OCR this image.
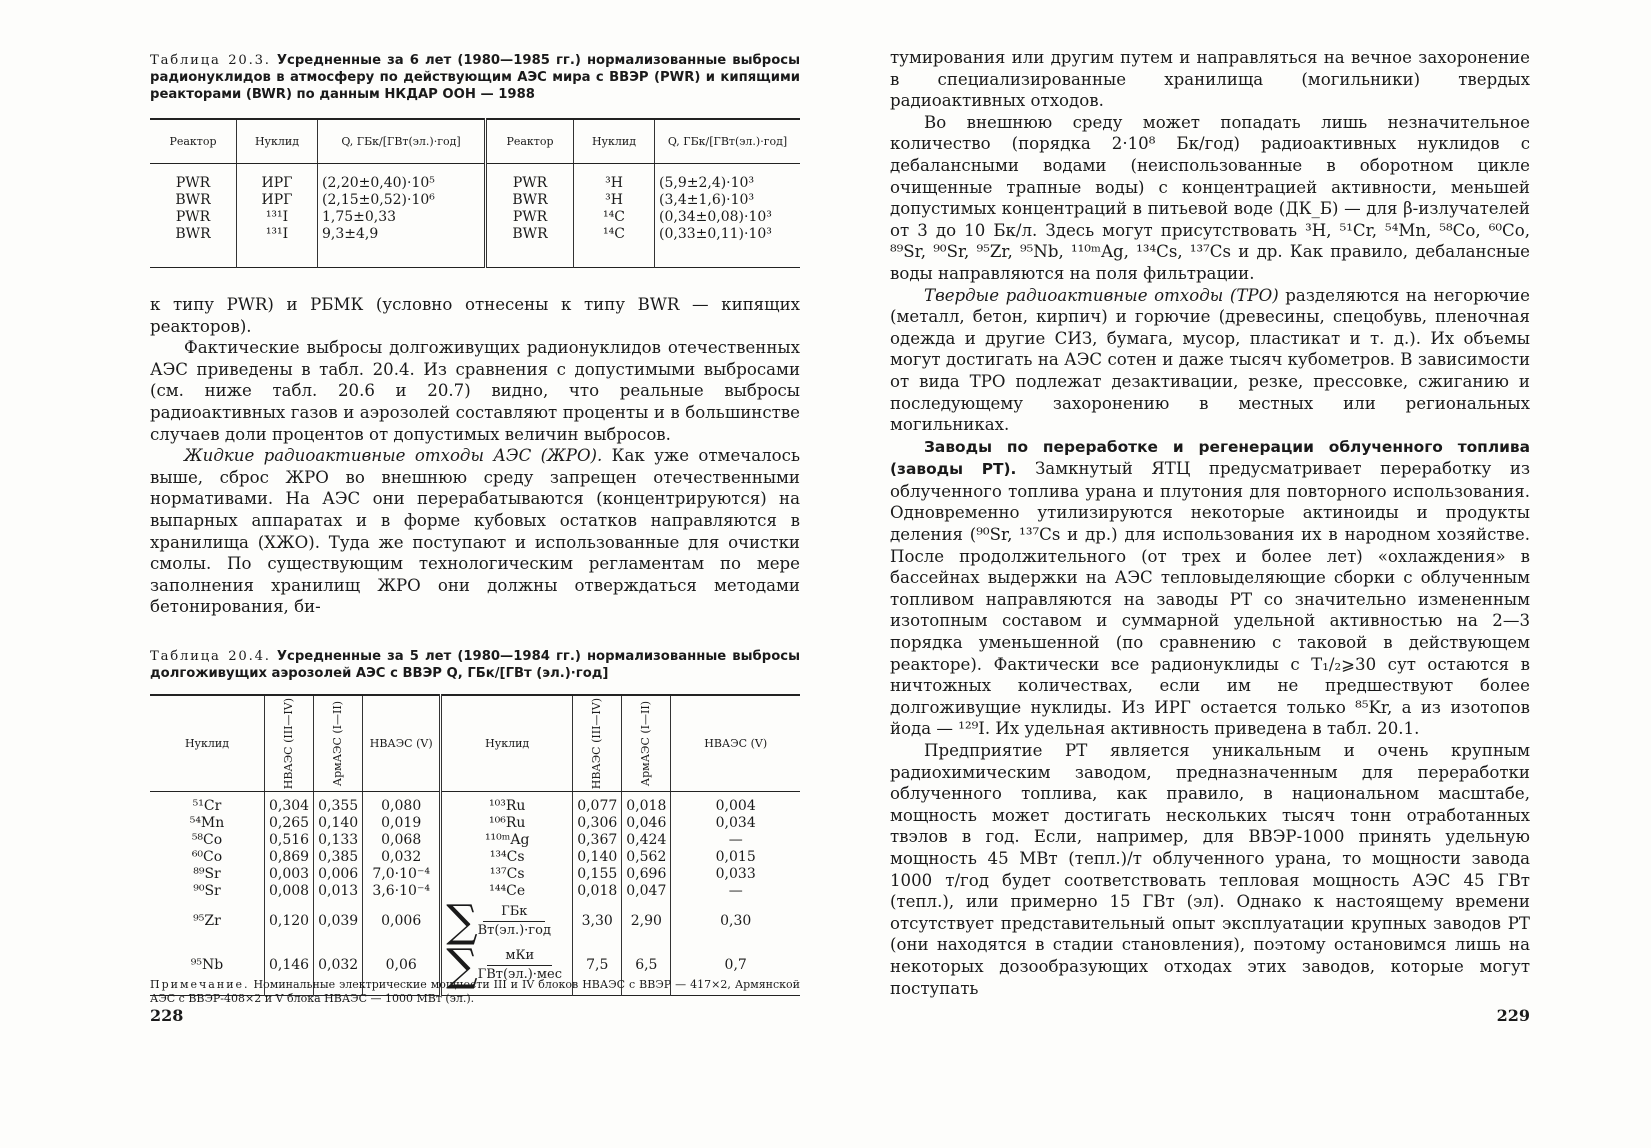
Таблица 20.3. Усредненные за 6 лет (1980—1985 гг.) нормализованные выбросы радионуклидов в атмосферу по действующим АЭС мира с ВВЭР (PWR) и кипящими реакторами (BWR) по данным НКДАР ООН — 1988
Реактор	Нуклид	Q, ГБк/[ГВт(эл.)·год]	Реактор	Нуклид	Q, ГБк/[ГВт(эл.)·год]

PWR	ИРГ	(2,20±0,40)·10⁵	PWR	³H	(5,9±2,4)·10³
BWR	ИРГ	(2,15±0,52)·10⁶	BWR	³H	(3,4±1,6)·10³
PWR	¹³¹I	1,75±0,33	PWR	¹⁴C	(0,34±0,08)·10³
BWR	¹³¹I	9,3±4,9	BWR	¹⁴C	(0,33±0,11)·10³

к типу PWR) и РБМК (условно отнесены к типу BWR — кипящих реакторов).

Фактические выбросы долгоживущих радионуклидов отечественных АЭС приведены в табл. 20.4. Из сравнения с допустимыми выбросами (см. ниже табл. 20.6 и 20.7) видно, что реальные выбросы радиоактивных газов и аэрозолей составляют проценты и в большинстве случаев доли процентов от допустимых величин выбросов.

Жидкие радиоактивные отходы АЭС (ЖРО). Как уже отмечалось выше, сброс ЖРО во внешнюю среду запрещен отечественными нормативами. На АЭС они перерабатываются (концентрируются) на выпарных аппаратах и в форме кубовых остатков направляются в хранилища (ХЖО). Туда же поступают и использованные для очистки смолы. По существующим технологическим регламентам по мере заполнения хранилищ ЖРО они должны отверждаться методами бетонирования, би-

Таблица 20.4. Усредненные за 5 лет (1980—1984 гг.) нормализованные выбросы долгоживущих аэрозолей АЭС с ВВЭР Q, ГБк/[ГВт (эл.)·год]
Нуклид	НВАЭС (III—IV)	АрмАЭС (I—II)	НВАЭС (V)	Нуклид	НВАЭС (III—IV)	АрмАЭС (I—II)	НВАЭС (V)

⁵¹Cr	0,304	0,355	0,080	¹⁰³Ru	0,077	0,018	0,004
⁵⁴Mn	0,265	0,140	0,019	¹⁰⁶Ru	0,306	0,046	0,034
⁵⁸Co	0,516	0,133	0,068	¹¹⁰ᵐAg	0,367	0,424	—
⁶⁰Co	0,869	0,385	0,032	¹³⁴Cs	0,140	0,562	0,015
⁸⁹Sr	0,003	0,006	7,0·10⁻⁴	¹³⁷Cs	0,155	0,696	0,033
⁹⁰Sr	0,008	0,013	3,6·10⁻⁴	¹⁴⁴Ce	0,018	0,047	—
⁹⁵Zr	0,120	0,039	0,006	∑ $\frac{\text{ГБк}}{\text{Вт(эл.)·год}}$	3,30	2,90	0,30
⁹⁵Nb	0,146	0,032	0,06	∑ $\frac{\text{мКи}}{\text{ГВт(эл.)·мес}}$	7,5	6,5	0,7

Примечание. Номинальные электрические мощности III и IV блоков НВАЭС с ВВЭР — 417×2, Армянской АЭС с ВВЭР-408×2 и V блока НВАЭС — 1000 МВт (эл.).

228

тумирования или другим путем и направляться на вечное захоронение в специализированные хранилища (могильники) твердых радиоактивных отходов.

Во внешнюю среду может попадать лишь незначительное количество (порядка 2·10⁸ Бк/год) радиоактивных нуклидов с дебалансными водами (неиспользованные в оборотном цикле очищенные трапные воды) с концентрацией активности, меньшей допустимых концентраций в питьевой воде (ДК_Б) — для β-излучателей от 3 до 10 Бк/л. Здесь могут присутствовать ³H, ⁵¹Cr, ⁵⁴Mn, ⁵⁸Co, ⁶⁰Co, ⁸⁹Sr, ⁹⁰Sr, ⁹⁵Zr, ⁹⁵Nb, ¹¹⁰ᵐAg, ¹³⁴Cs, ¹³⁷Cs и др. Как правило, дебалансные воды направляются на поля фильтрации.

Твердые радиоактивные отходы (ТРО) разделяются на негорючие (металл, бетон, кирпич) и горючие (древесины, спецобувь, пленочная одежда и другие СИЗ, бумага, мусор, пластикат и т. д.). Их объемы могут достигать на АЭС сотен и даже тысяч кубометров. В зависимости от вида ТРО подлежат дезактивации, резке, прессовке, сжиганию и последующему захоронению в местных или региональных могильниках.

Заводы по переработке и регенерации облученного топлива (заводы РТ). Замкнутый ЯТЦ предусматривает переработку из облученного топлива урана и плутония для повторного использования. Одновременно утилизируются некоторые актиноиды и продукты деления (⁹⁰Sr, ¹³⁷Cs и др.) для использования их в народном хозяйстве. После продолжительного (от трех и более лет) «охлаждения» в бассейнах выдержки на АЭС тепловыделяющие сборки с облученным топливом направляются на заводы РТ со значительно измененным изотопным составом и суммарной удельной активностью на 2—3 порядка уменьшенной (по сравнению с таковой в действующем реакторе). Фактически все радионуклиды с T₁/₂⩾30 сут остаются в ничтожных количествах, если им не предшествуют более долгоживущие нуклиды. Из ИРГ остается только ⁸⁵Kr, а из изотопов йода — ¹²⁹I. Их удельная активность приведена в табл. 20.1.

Предприятие РТ является уникальным и очень крупным радиохимическим заводом, предназначенным для переработки облученного топлива, как правило, в национальном масштабе, мощность может достигать нескольких тысяч тонн отработанных твэлов в год. Если, например, для ВВЭР-1000 принять удельную мощность 45 МВт (тепл.)/т облученного урана, то мощности завода 1000 т/год будет соответствовать тепловая мощность АЭС 45 ГВт (тепл.), или примерно 15 ГВт (эл). Однако к настоящему времени отсутствует представительный опыт эксплуатации крупных заводов РТ (они находятся в стадии становления), поэтому остановимся лишь на некоторых дозообразующих отходах этих заводов, которые могут поступать

229
